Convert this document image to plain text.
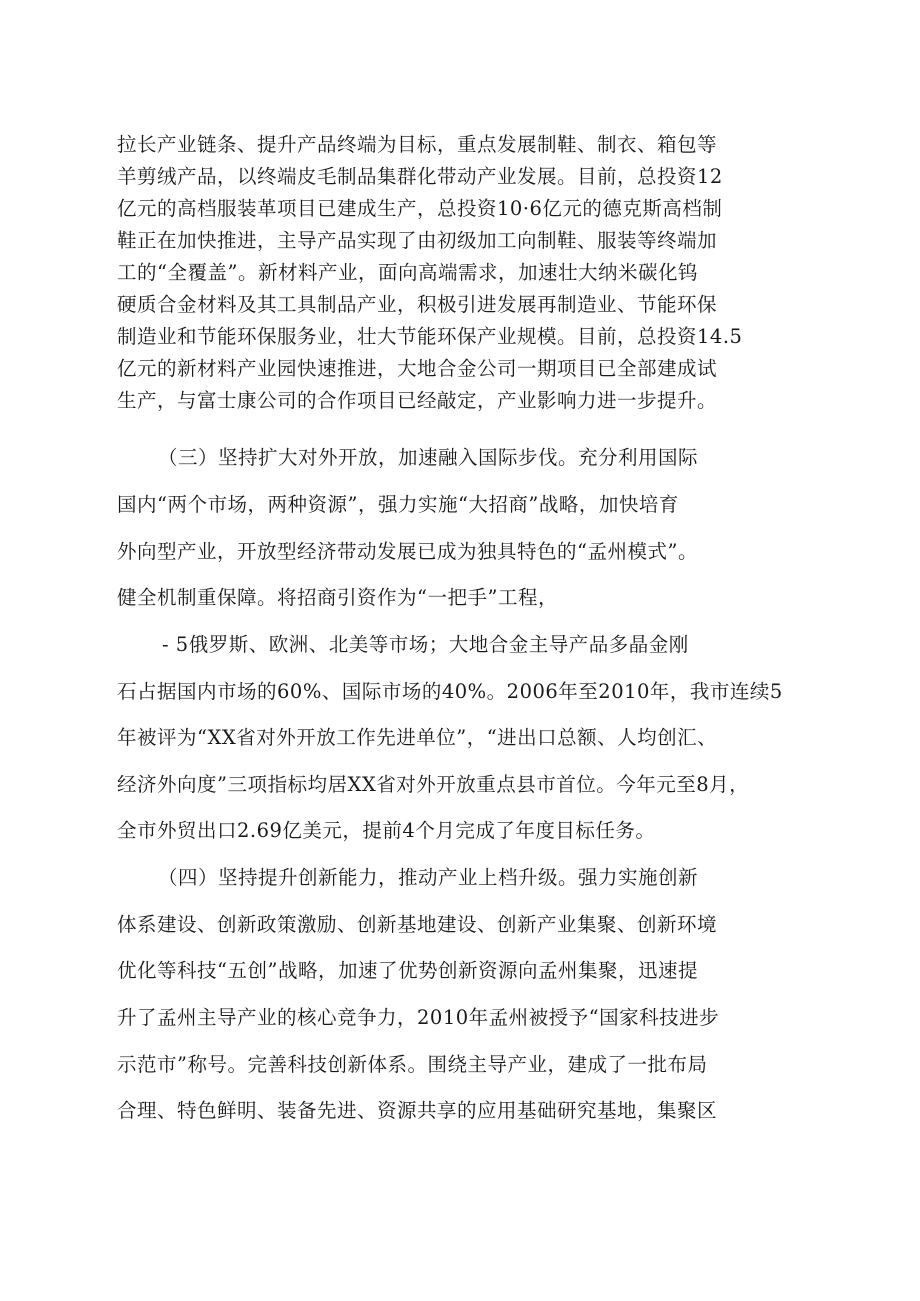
拉长产业链条、提升产品终端为目标，重点发展制鞋、制衣、箱包等
羊剪绒产品，以终端皮毛制品集群化带动产业发展。目前，总投资12
亿元的高档服装革项目已建成生产，总投资10·6亿元的德克斯高档制
鞋正在加快推进，主导产品实现了由初级加工向制鞋、服装等终端加
工的“全覆盖”。新材料产业，面向高端需求，加速壮大纳米碳化钨
硬质合金材料及其工具制品产业，积极引进发展再制造业、节能环保
制造业和节能环保服务业，壮大节能环保产业规模。目前，总投资14.5
亿元的新材料产业园快速推进，大地合金公司一期项目已全部建成试
生产，与富士康公司的合作项目已经敲定，产业影响力进一步提升。
（三）坚持扩大对外开放，加速融入国际步伐。充分利用国际
国内“两个市场，两种资源”，强力实施“大招商”战略，加快培育
外向型产业，开放型经济带动发展已成为独具特色的“孟州模式”。
健全机制重保障。将招商引资作为“一把手”工程，
- 5俄罗斯、欧洲、北美等市场；大地合金主导产品多晶金刚
石占据国内市场的60%、国际市场的40%。2006年至2010年，我市连续5
年被评为“XX省对外开放工作先进单位”，“进出口总额、人均创汇、
经济外向度”三项指标均居XX省对外开放重点县市首位。今年元至8月，
全市外贸出口2.69亿美元，提前4个月完成了年度目标任务。
（四）坚持提升创新能力，推动产业上档升级。强力实施创新
体系建设、创新政策激励、创新基地建设、创新产业集聚、创新环境
优化等科技“五创”战略，加速了优势创新资源向孟州集聚，迅速提
升了孟州主导产业的核心竞争力，2010年孟州被授予“国家科技进步
示范市”称号。完善科技创新体系。围绕主导产业，建成了一批布局
合理、特色鲜明、装备先进、资源共享的应用基础研究基地，集聚区
